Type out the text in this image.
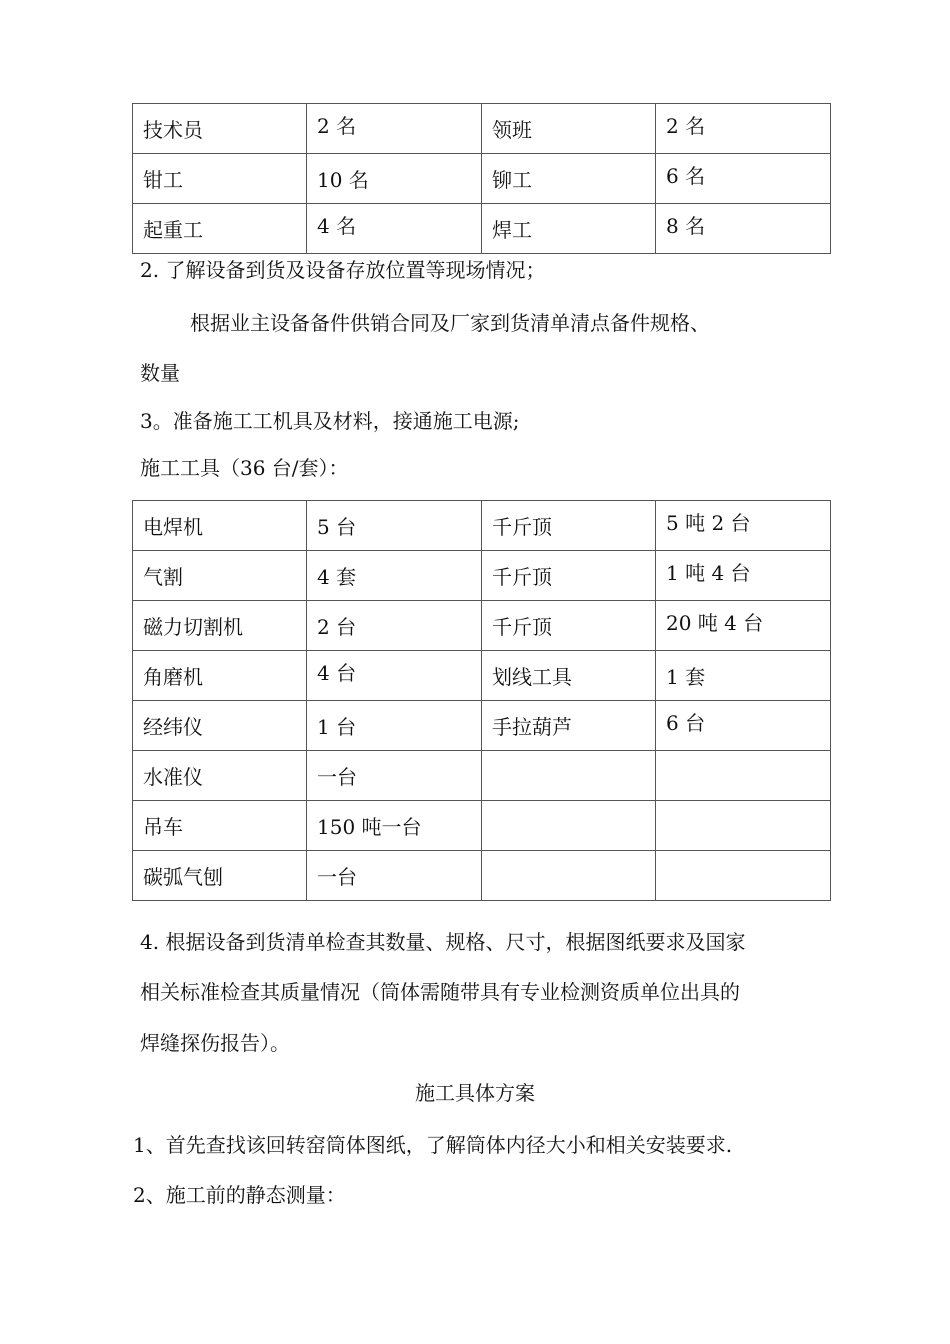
技术员	2 名	领班	2 名
钳工	10 名	铆工	6 名
起重工	4 名	焊工	8 名

2. 了解设备到货及设备存放位置等现场情况；

根据业主设备备件供销合同及厂家到货清单清点备件规格、

数量

3。准备施工工机具及材料，接通施工电源;

施工工具（36 台/套）：

电焊机	5 台	千斤顶	5 吨 2 台
气割	4 套	千斤顶	1 吨 4 台
磁力切割机	2 台	千斤顶	20 吨 4 台
角磨机	4 台	划线工具	1 套
经纬仪	1 台	手拉葫芦	6 台
水准仪	一台		
吊车	150 吨一台		
碳弧气刨	一台		

4. 根据设备到货清单检查其数量、规格、尺寸，根据图纸要求及国家

相关标准检查其质量情况（筒体需随带具有专业检测资质单位出具的

焊缝探伤报告）。

施工具体方案

1、首先查找该回转窑筒体图纸，了解筒体内径大小和相关安装要求.

2、施工前的静态测量：
